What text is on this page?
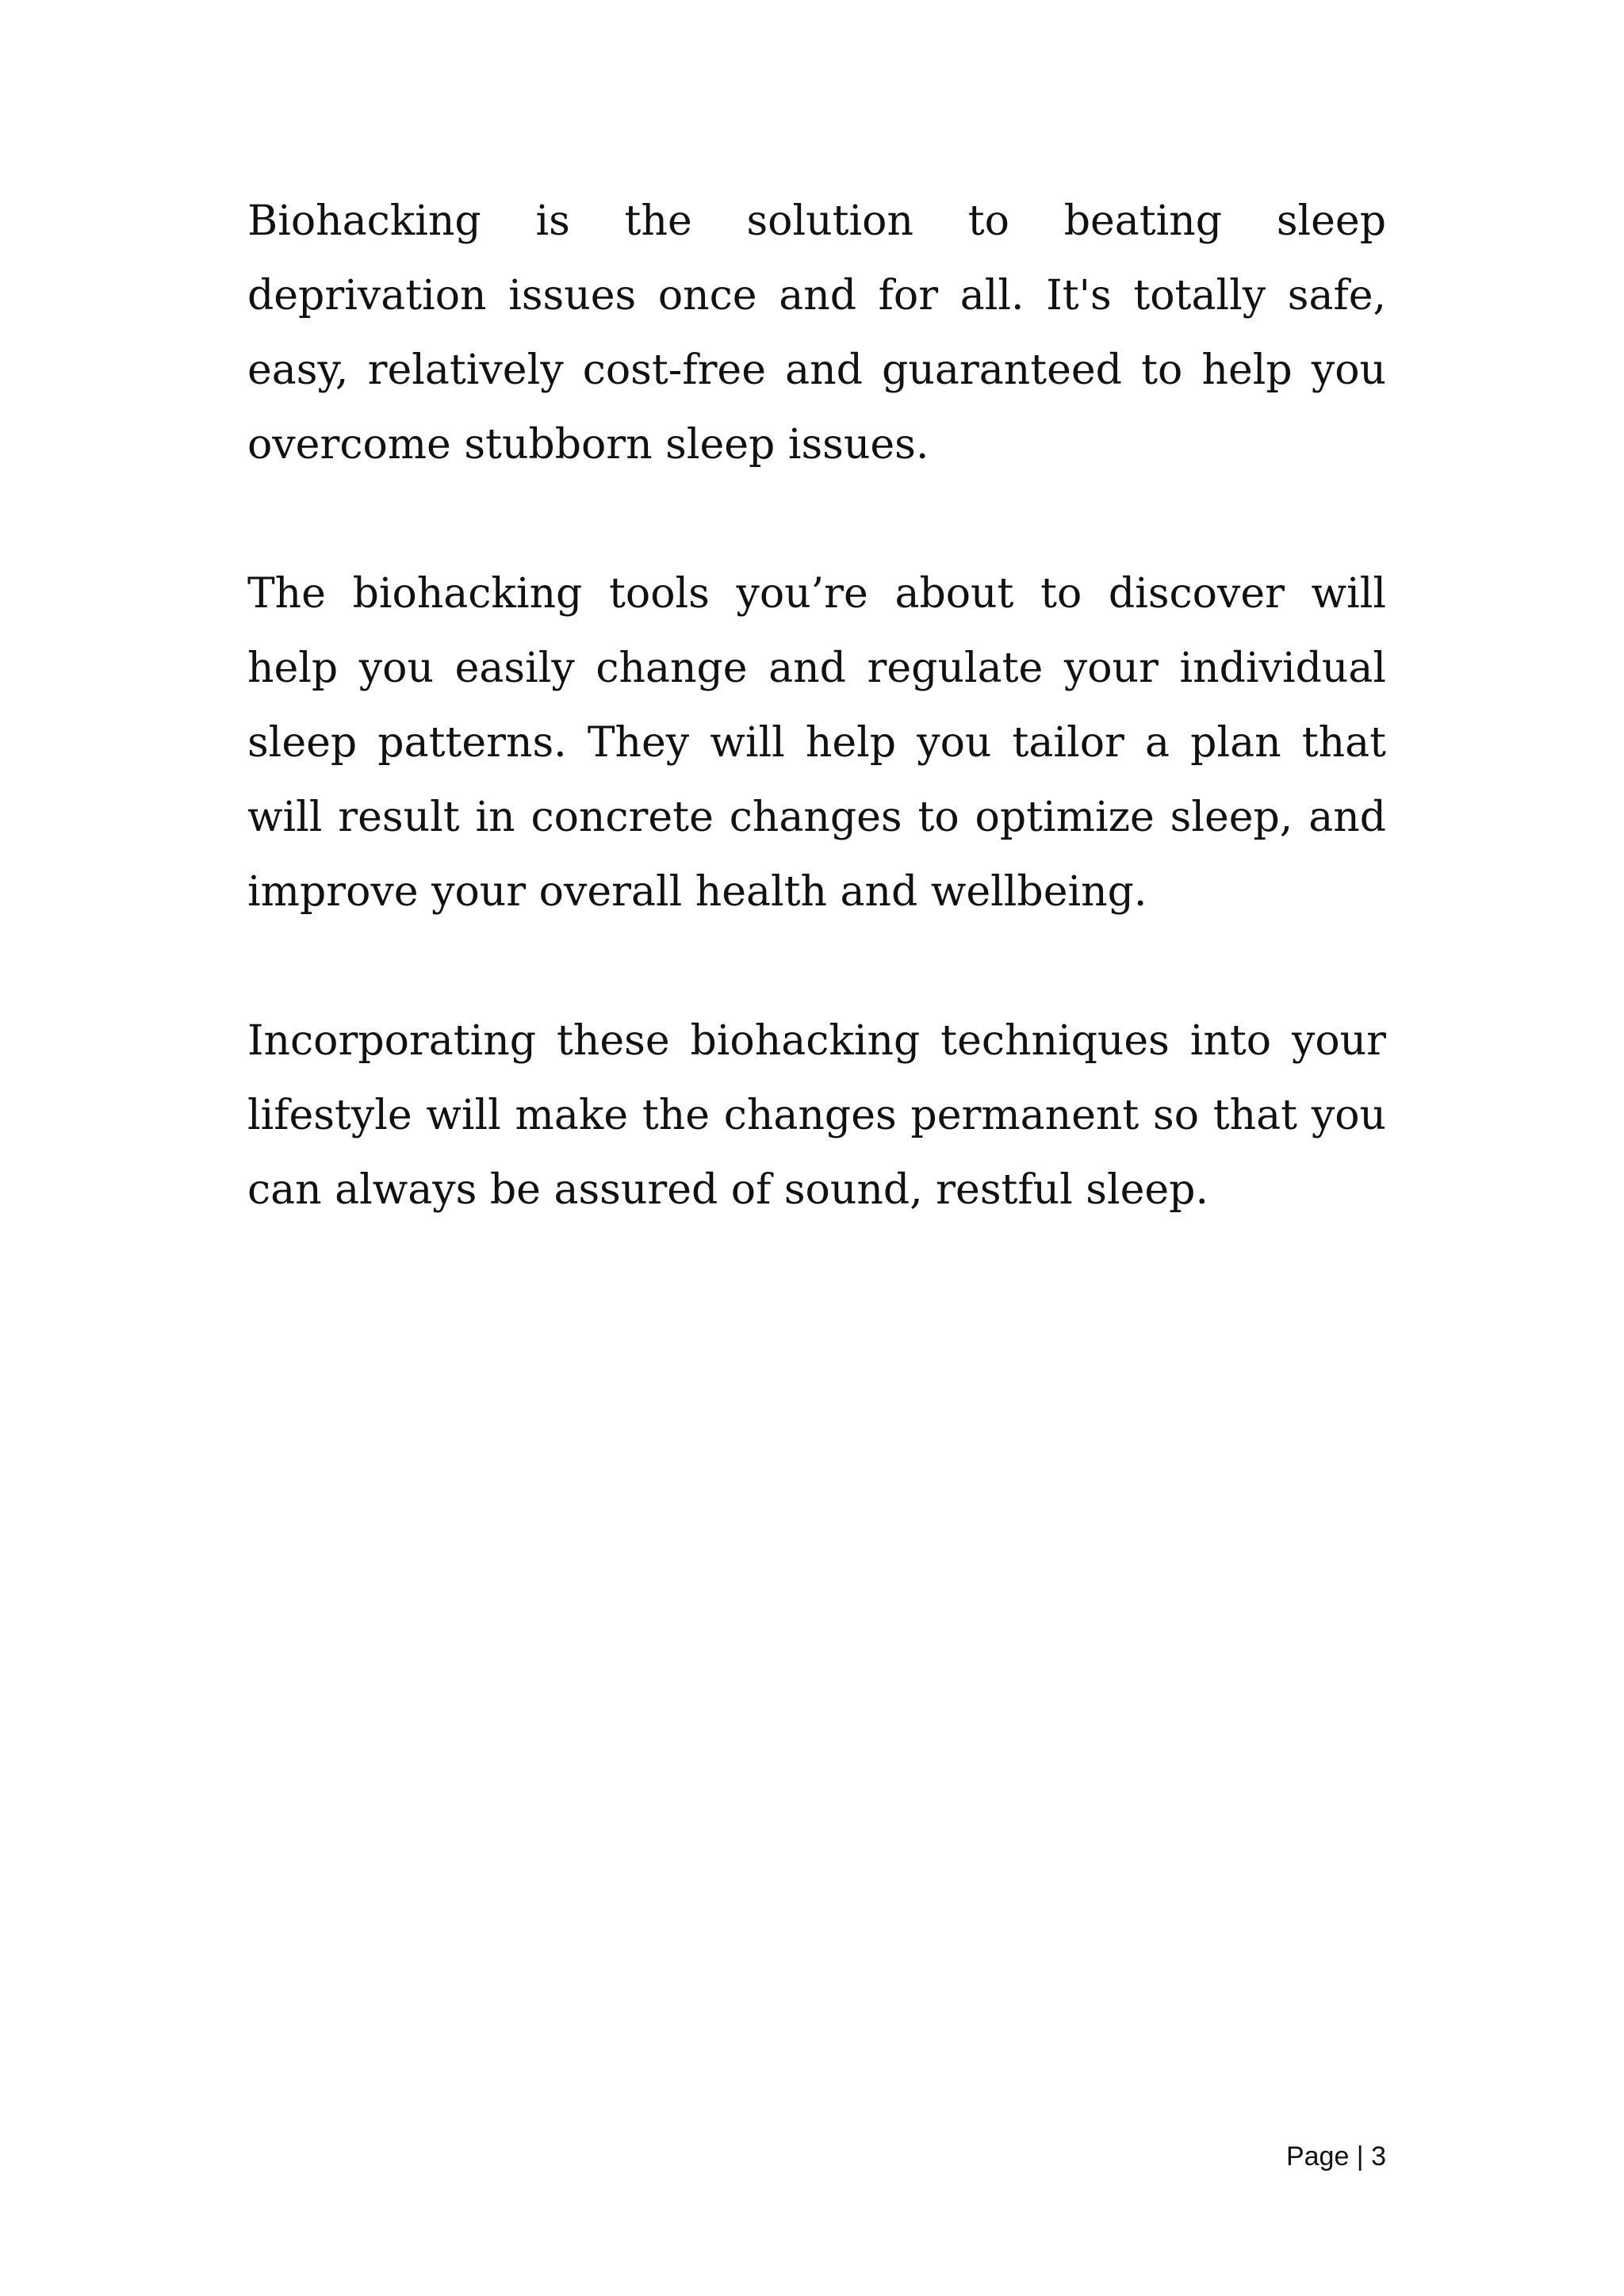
Biohacking is the solution to beating sleep deprivation issues once and for all. It's totally safe, easy, relatively cost-free and guaranteed to help you overcome stubborn sleep issues.

The biohacking tools you’re about to discover will help you easily change and regulate your individual sleep patterns. They will help you tailor a plan that will result in concrete changes to optimize sleep, and improve your overall health and wellbeing.

Incorporating these biohacking techniques into your lifestyle will make the changes permanent so that you can always be assured of sound, restful sleep.

Page | 3
